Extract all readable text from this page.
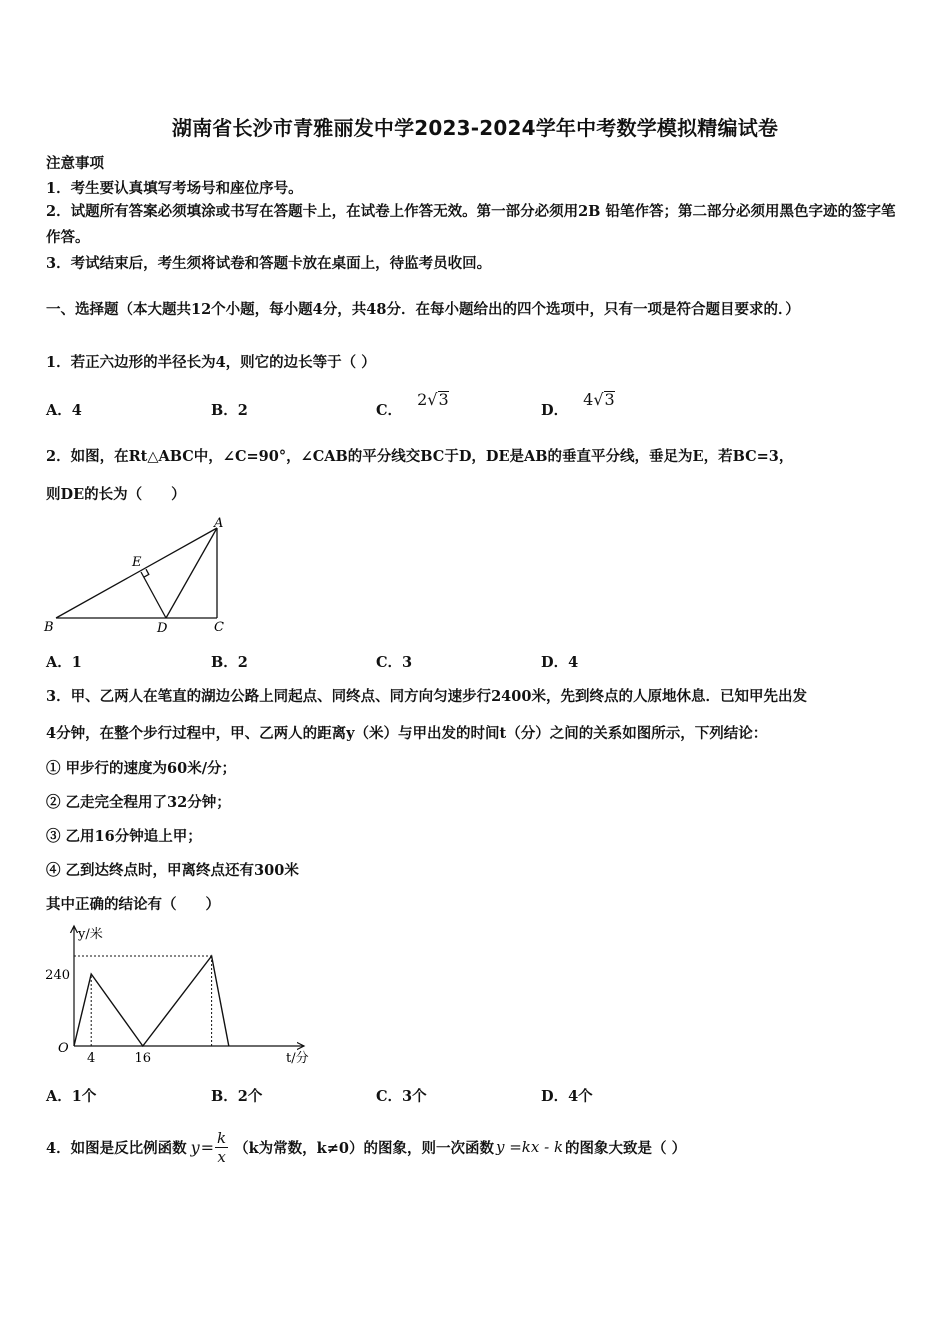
湖南省长沙市青雅丽发中学2023-2024学年中考数学模拟精编试卷
注意事项
1．考生要认真填写考场号和座位序号。
2．试题所有答案必须填涂或书写在答题卡上，在试卷上作答无效。第一部分必须用2B 铅笔作答；第二部分必须用黑色字迹的签字笔作答。
3．考试结束后，考生须将试卷和答题卡放在桌面上，待监考员收回。
一、选择题（本大题共12个小题，每小题4分，共48分．在每小题给出的四个选项中，只有一项是符合题目要求的．）
1．若正六边形的半径长为4，则它的边长等于（ ）
A．4	B．2	C． 2√3
D． 4√3
2．如图，在Rt△ABC中，∠C=90°，∠CAB的平分线交BC于D，DE是AB的垂直平分线，垂足为E，若BC=3，
则DE的长为（　　）
A
B	C
D
E
A．1	B．2	C．3	D．4
3．甲、乙两人在笔直的湖边公路上同起点、同终点、同方向匀速步行2400米，先到终点的人原地休息．已知甲先出发
4分钟，在整个步行过程中，甲、乙两人的距离y（米）与甲出发的时间t（分）之间的关系如图所示，下列结论：
① 甲步行的速度为60米/分；
② 乙走完全程用了32分钟；
③ 乙用16分钟追上甲；
④ 乙到达终点时，甲离终点还有300米
其中正确的结论有（　　）
y/米
t/分
O
4	16
240
A．1个	B．2个	C．3个	D．4个
4．如图是反比例函数 $y = \frac{k}{x} (k$为常数，k≠0）的图象，则一次函数 y =kx - k 的图象大致是（ ）
